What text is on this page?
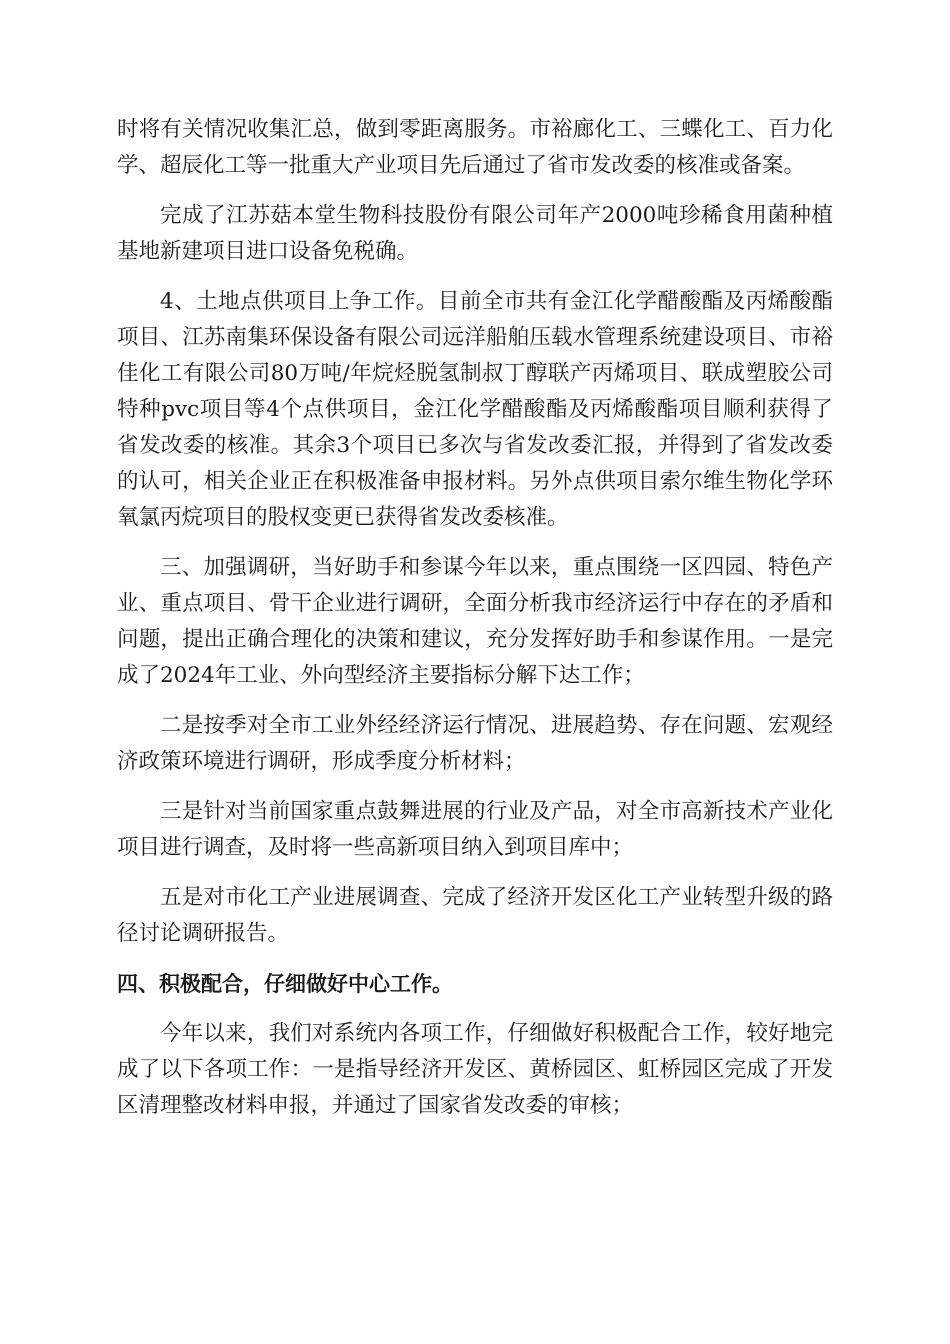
时将有关情况收集汇总，做到零距离服务。市裕廊化工、三蝶化工、百力化学、超辰化工等一批重大产业项目先后通过了省市发改委的核准或备案。

完成了江苏菇本堂生物科技股份有限公司年产2000吨珍稀食用菌种植基地新建项目进口设备免税确。

4、土地点供项目上争工作。目前全市共有金江化学醋酸酯及丙烯酸酯项目、江苏南集环保设备有限公司远洋船舶压载水管理系统建设项目、市裕佳化工有限公司80万吨/年烷烃脱氢制叔丁醇联产丙烯项目、联成塑胶公司特种pvc项目等4个点供项目，金江化学醋酸酯及丙烯酸酯项目顺利获得了省发改委的核准。其余3个项目已多次与省发改委汇报，并得到了省发改委的认可，相关企业正在积极准备申报材料。另外点供项目索尔维生物化学环氧氯丙烷项目的股权变更已获得省发改委核准。

三、加强调研，当好助手和参谋今年以来，重点围绕一区四园、特色产业、重点项目、骨干企业进行调研，全面分析我市经济运行中存在的矛盾和问题，提出正确合理化的决策和建议，充分发挥好助手和参谋作用。一是完成了2024年工业、外向型经济主要指标分解下达工作；

二是按季对全市工业外经经济运行情况、进展趋势、存在问题、宏观经济政策环境进行调研，形成季度分析材料；

三是针对当前国家重点鼓舞进展的行业及产品，对全市高新技术产业化项目进行调查，及时将一些高新项目纳入到项目库中；

五是对市化工产业进展调查、完成了经济开发区化工产业转型升级的路径讨论调研报告。

四、积极配合，仔细做好中心工作。

今年以来，我们对系统内各项工作，仔细做好积极配合工作，较好地完成了以下各项工作：一是指导经济开发区、黄桥园区、虹桥园区完成了开发区清理整改材料申报，并通过了国家省发改委的审核；
